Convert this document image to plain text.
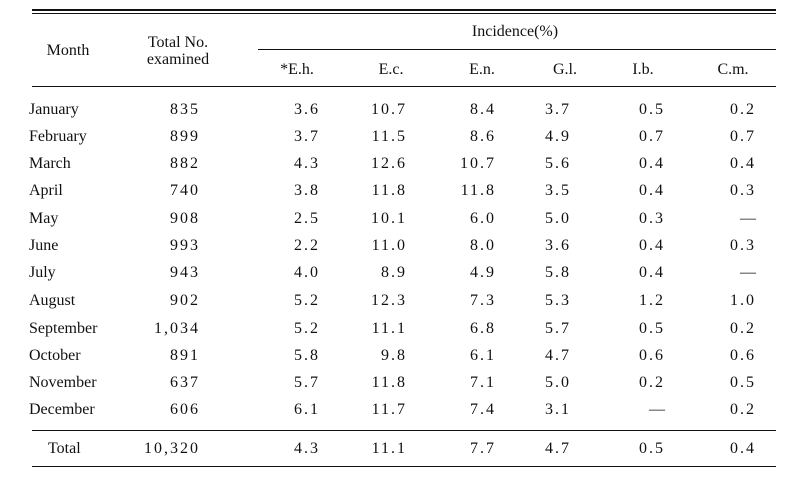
Month	Total No.
examined
Incidence(%)
*E.h.	E.c.	E.n.	G.l.	I.b.	C.m.
January	835	3.6	10.7	8.4	3.7	0.5	0.2
February	899	3.7	11.5	8.6	4.9	0.7	0.7
March	882	4.3	12.6	10.7	5.6	0.4	0.4
April	740	3.8	11.8	11.8	3.5	0.4	0.3
May	908	2.5	10.1	6.0	5.0	0.3	—
June	993	2.2	11.0	8.0	3.6	0.4	0.3
July	943	4.0	8.9	4.9	5.8	0.4	—
August	902	5.2	12.3	7.3	5.3	1.2	1.0
September	1,034	5.2	11.1	6.8	5.7	0.5	0.2
October	891	5.8	9.8	6.1	4.7	0.6	0.6
November	637	5.7	11.8	7.1	5.0	0.2	0.5
December	606	6.1	11.7	7.4	3.1	—	0.2
Total	10,320	4.3	11.1	7.7	4.7	0.5	0.4
